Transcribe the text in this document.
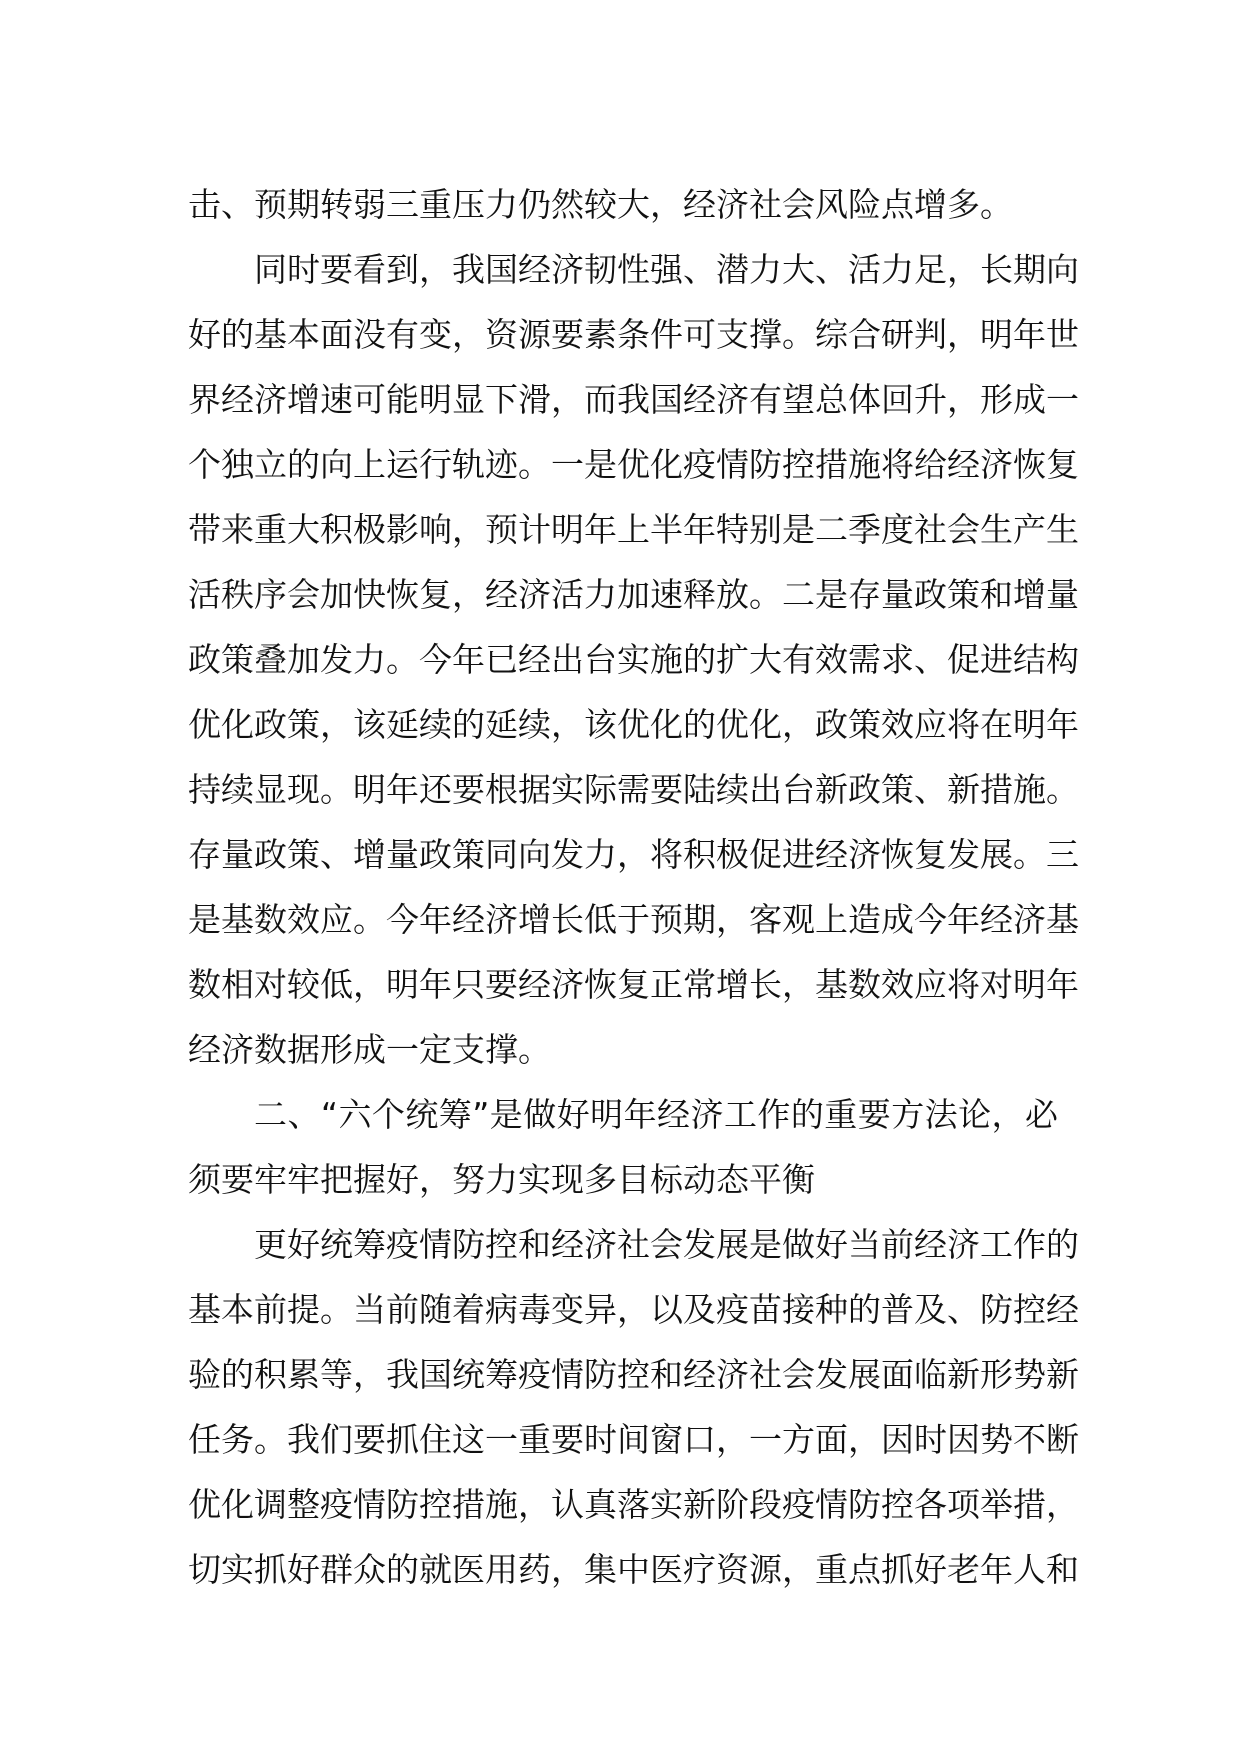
击、预期转弱三重压力仍然较大，经济社会风险点增多。
同时要看到，我国经济韧性强、潜力大、活力足，长期向
好的基本面没有变，资源要素条件可支撑。综合研判，明年世
界经济增速可能明显下滑，而我国经济有望总体回升，形成一
个独立的向上运行轨迹。一是优化疫情防控措施将给经济恢复
带来重大积极影响，预计明年上半年特别是二季度社会生产生
活秩序会加快恢复，经济活力加速释放。二是存量政策和增量
政策叠加发力。今年已经出台实施的扩大有效需求、促进结构
优化政策，该延续的延续，该优化的优化，政策效应将在明年
持续显现。明年还要根据实际需要陆续出台新政策、新措施。
存量政策、增量政策同向发力，将积极促进经济恢复发展。三
是基数效应。今年经济增长低于预期，客观上造成今年经济基
数相对较低，明年只要经济恢复正常增长，基数效应将对明年
经济数据形成一定支撑。
二、“六个统筹”是做好明年经济工作的重要方法论，必
须要牢牢把握好，努力实现多目标动态平衡
更好统筹疫情防控和经济社会发展是做好当前经济工作的
基本前提。当前随着病毒变异，以及疫苗接种的普及、防控经
验的积累等，我国统筹疫情防控和经济社会发展面临新形势新
任务。我们要抓住这一重要时间窗口，一方面，因时因势不断
优化调整疫情防控措施，认真落实新阶段疫情防控各项举措，
切实抓好群众的就医用药，集中医疗资源，重点抓好老年人和
